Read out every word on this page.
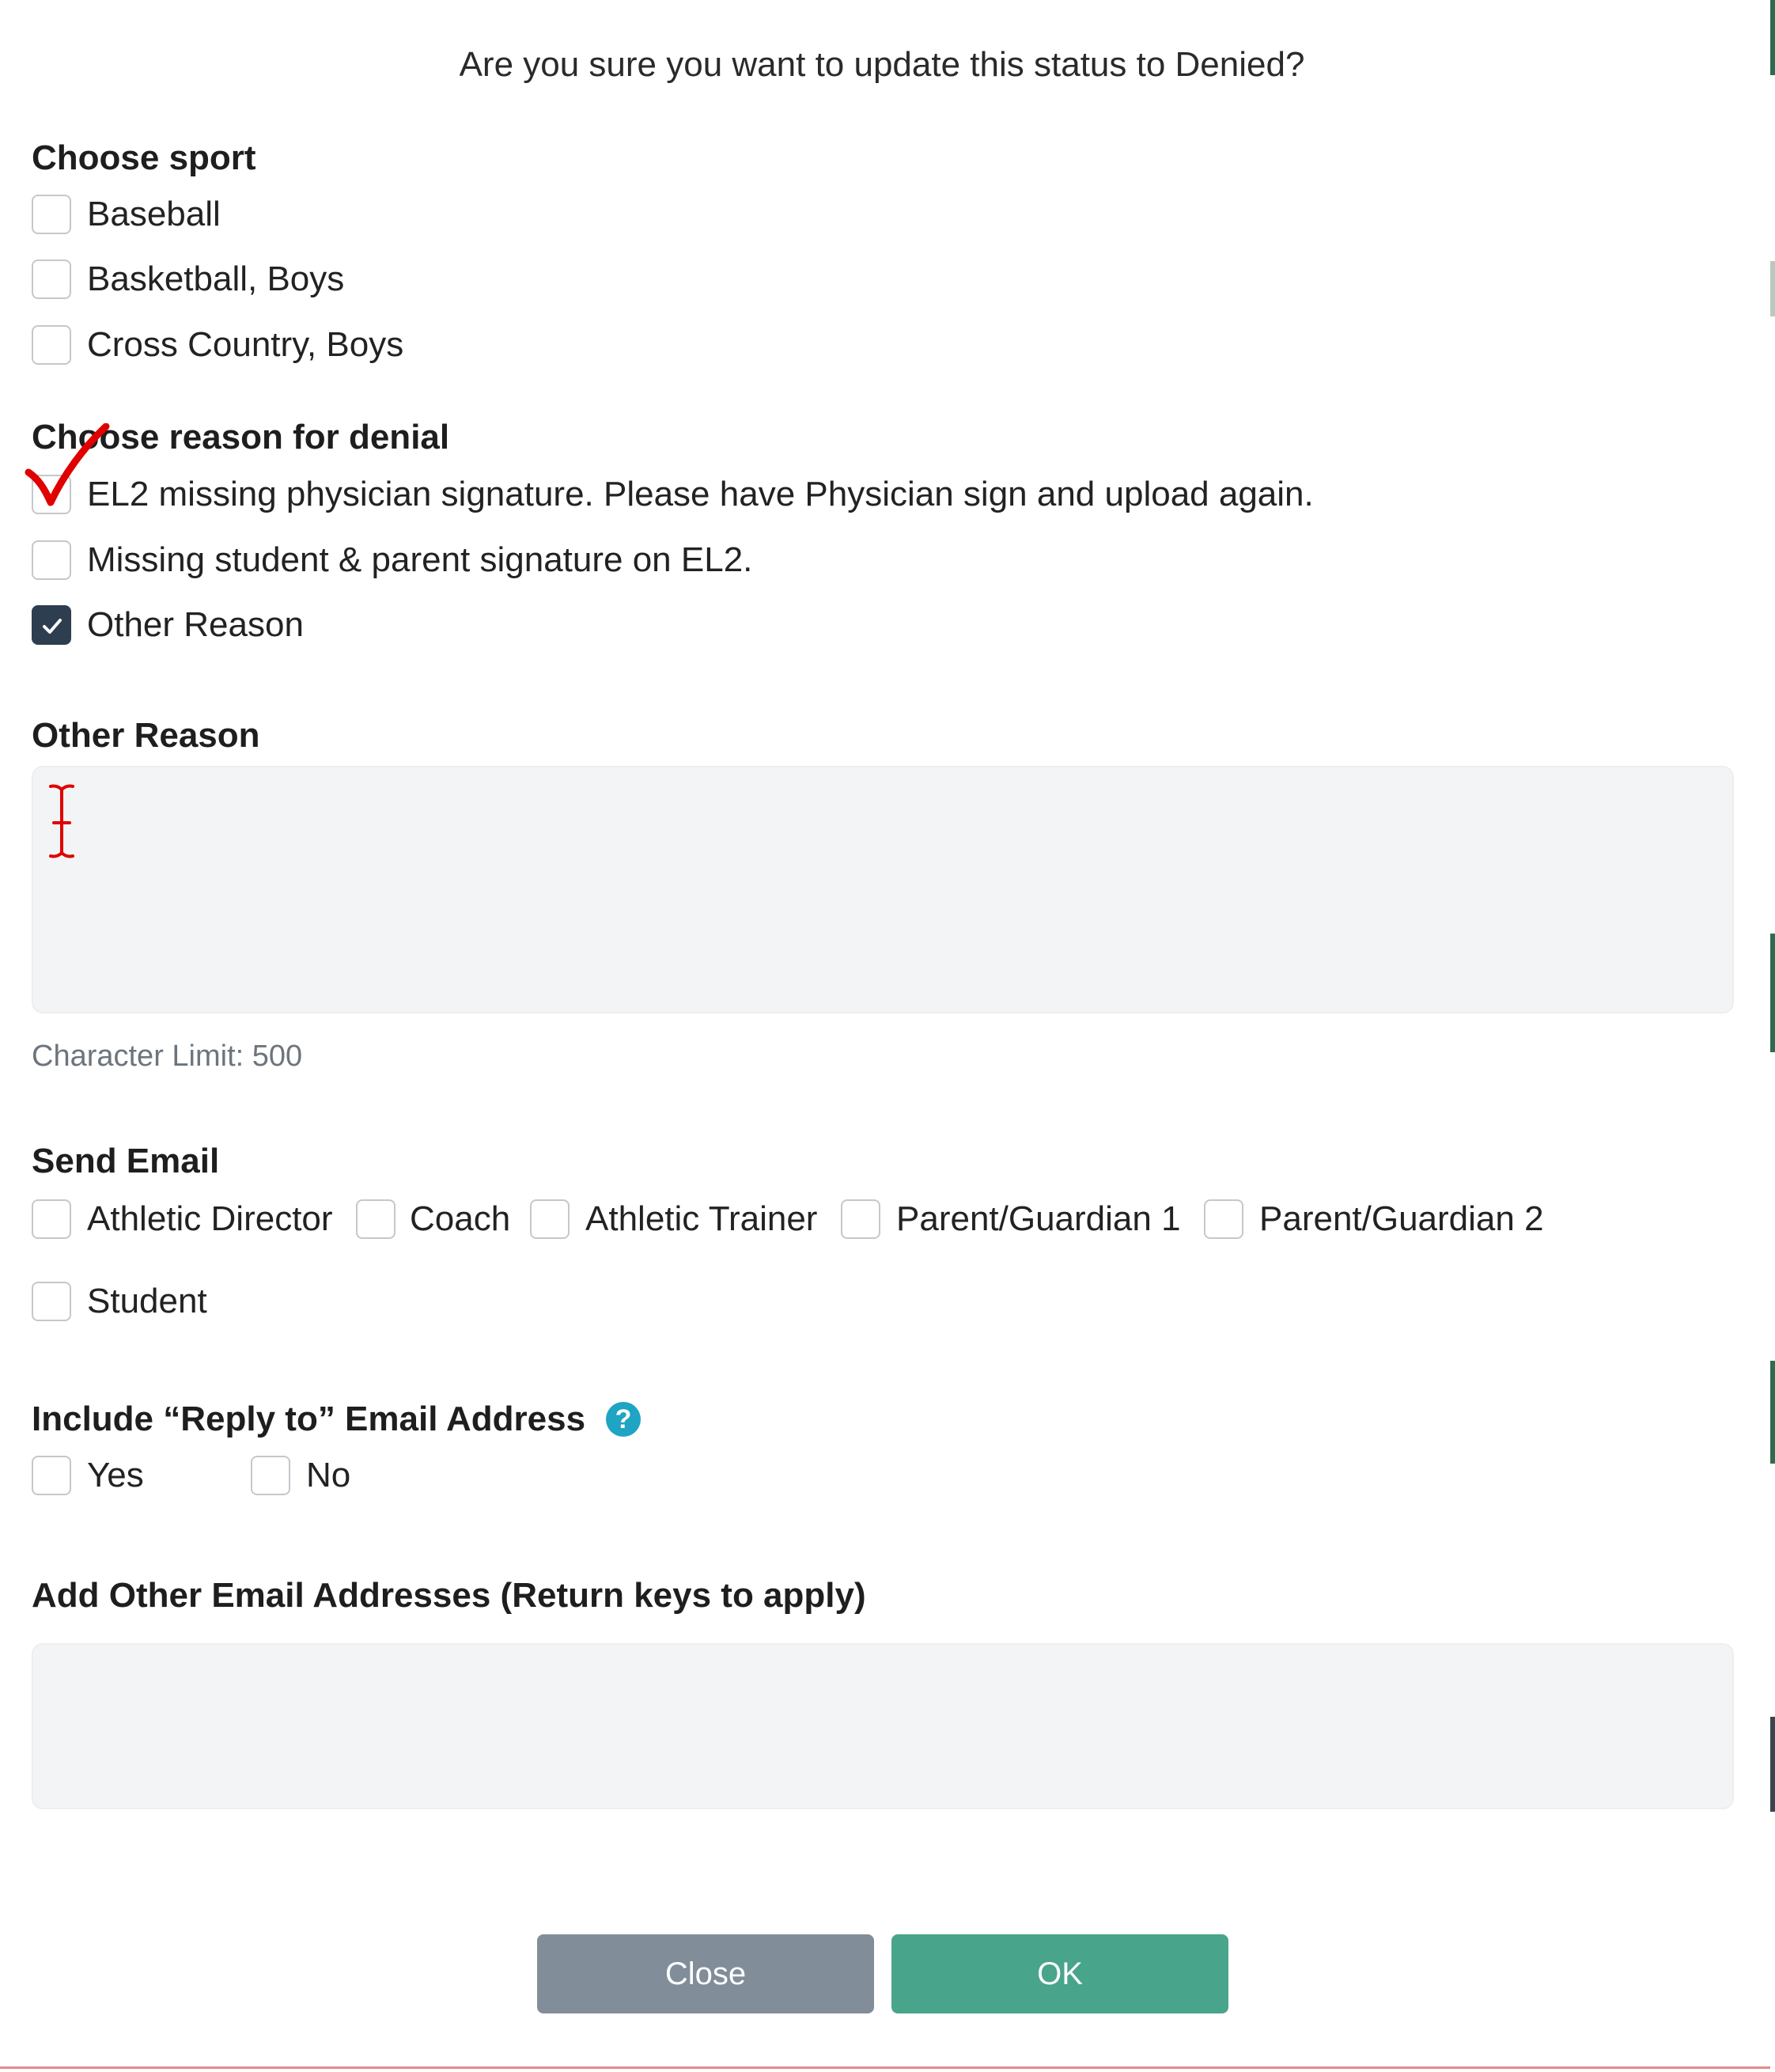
Are you sure you want to update this status to Denied?
Choose sport
Baseball
Basketball, Boys
Cross Country, Boys
Choose reason for denial
EL2 missing physician signature. Please have Physician sign and upload again.
Missing student & parent signature on EL2.
Other Reason
Other Reason
Character Limit: 500
Send Email
Athletic Director Coach Athletic Trainer Parent/Guardian 1 Parent/Guardian 2
Student
Include “Reply to” Email Address	?
Yes	No
Add Other Email Addresses (Return keys to apply)
Close	OK
